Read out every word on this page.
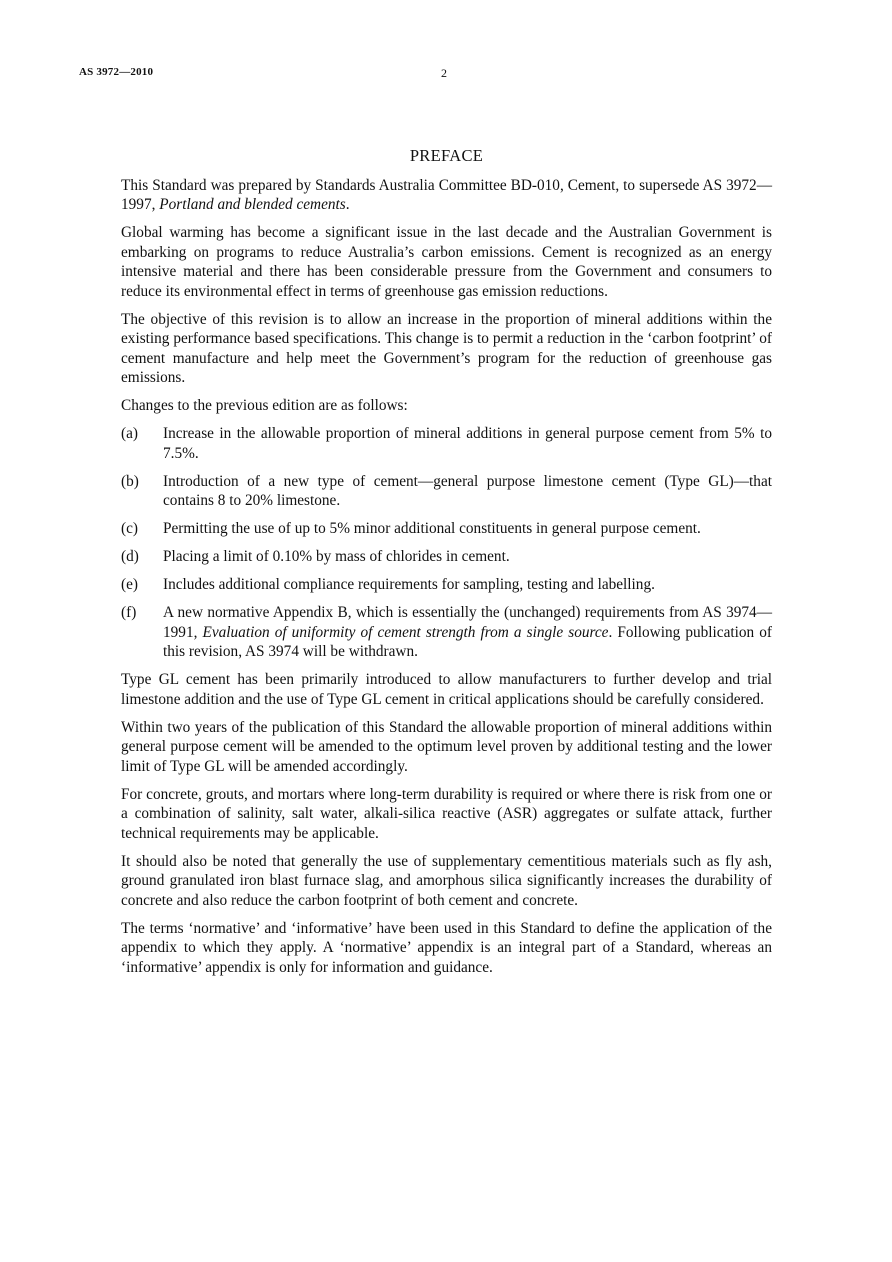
AS 3972—2010	2
PREFACE

This Standard was prepared by Standards Australia Committee BD-010, Cement, to supersede AS 3972—1997, Portland and blended cements.

Global warming has become a significant issue in the last decade and the Australian Government is embarking on programs to reduce Australia’s carbon emissions. Cement is recognized as an energy intensive material and there has been considerable pressure from the Government and consumers to reduce its environmental effect in terms of greenhouse gas emission reductions.

The objective of this revision is to allow an increase in the proportion of mineral additions within the existing performance based specifications. This change is to permit a reduction in the ‘carbon footprint’ of cement manufacture and help meet the Government’s program for the reduction of greenhouse gas emissions.

Changes to the previous edition are as follows:

(a)	Increase in the allowable proportion of mineral additions in general purpose cement from 5% to 7.5%.
(b)	Introduction of a new type of cement—general purpose limestone cement (Type GL)—that contains 8 to 20% limestone.
(c)	Permitting the use of up to 5% minor additional constituents in general purpose cement.
(d)	Placing a limit of 0.10% by mass of chlorides in cement.
(e)	Includes additional compliance requirements for sampling, testing and labelling.
(f)	A new normative Appendix B, which is essentially the (unchanged) requirements from AS 3974—1991, Evaluation of uniformity of cement strength from a single source. Following publication of this revision, AS 3974 will be withdrawn.

Type GL cement has been primarily introduced to allow manufacturers to further develop and trial limestone addition and the use of Type GL cement in critical applications should be carefully considered.

Within two years of the publication of this Standard the allowable proportion of mineral additions within general purpose cement will be amended to the optimum level proven by additional testing and the lower limit of Type GL will be amended accordingly.

For concrete, grouts, and mortars where long-term durability is required or where there is risk from one or a combination of salinity, salt water, alkali-silica reactive (ASR) aggregates or sulfate attack, further technical requirements may be applicable.

It should also be noted that generally the use of supplementary cementitious materials such as fly ash, ground granulated iron blast furnace slag, and amorphous silica significantly increases the durability of concrete and also reduce the carbon footprint of both cement and concrete.

The terms ‘normative’ and ‘informative’ have been used in this Standard to define the application of the appendix to which they apply. A ‘normative’ appendix is an integral part of a Standard, whereas an ‘informative’ appendix is only for information and guidance.
